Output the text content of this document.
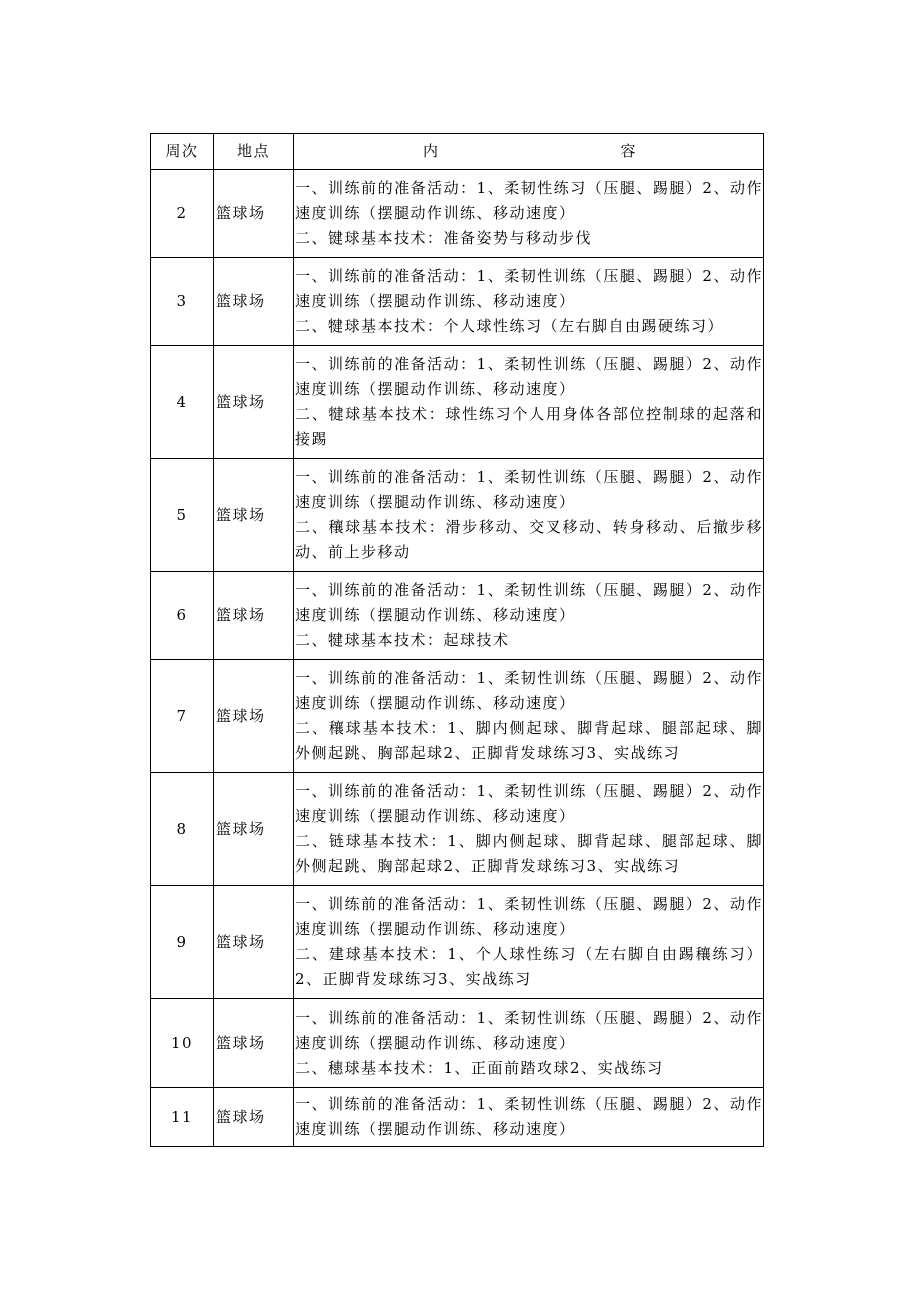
周次	地点	内 容

2	篮球场	一、训练前的准备活动：1、柔韧性练习（压腿、踢腿）2、动作速度训练（摆腿动作训练、移动速度）

二、键球基本技术：准备姿势与移动步伐

3	篮球场	一、训练前的准备活动：1、柔韧性训练（压腿、踢腿）2、动作速度训练（摆腿动作训练、移动速度）

二、犍球基本技术：个人球性练习（左右脚自由踢硬练习）

4	篮球场	一、训练前的准备活动：1、柔韧性训练（压腿、踢腿）2、动作速度训练（摆腿动作训练、移动速度）

二、犍球基本技术：球性练习个人用身体各部位控制球的起落和接踢

5	篮球场	一、训练前的准备活动：1、柔韧性训练（压腿、踢腿）2、动作速度训练（摆腿动作训练、移动速度）

二、穰球基本技术：滑步移动、交叉移动、转身移动、后撤步移动、前上步移动

6	篮球场	一、训练前的准备活动：1、柔韧性训练（压腿、踢腿）2、动作速度训练（摆腿动作训练、移动速度）

二、犍球基本技术：起球技术

7	篮球场	一、训练前的准备活动：1、柔韧性训练（压腿、踢腿）2、动作速度训练（摆腿动作训练、移动速度）

二、穰球基本技术：1、脚内侧起球、脚背起球、腿部起球、脚外侧起跳、胸部起球2、正脚背发球练习3、实战练习

8	篮球场	一、训练前的准备活动：1、柔韧性训练（压腿、踢腿）2、动作速度训练（摆腿动作训练、移动速度）

二、链球基本技术：1、脚内侧起球、脚背起球、腿部起球、脚外侧起跳、胸部起球2、正脚背发球练习3、实战练习

9	篮球场	一、训练前的准备活动：1、柔韧性训练（压腿、踢腿）2、动作速度训练（摆腿动作训练、移动速度）

二、建球基本技术：1、个人球性练习（左右脚自由踢穰练习）2、正脚背发球练习3、实战练习

10	篮球场	一、训练前的准备活动：1、柔韧性训练（压腿、踢腿）2、动作速度训练（摆腿动作训练、移动速度）

二、穗球基本技术：1、正面前踏攻球2、实战练习

11	篮球场	一、训练前的准备活动：1、柔韧性训练（压腿、踢腿）2、动作速度训练（摆腿动作训练、移动速度）
